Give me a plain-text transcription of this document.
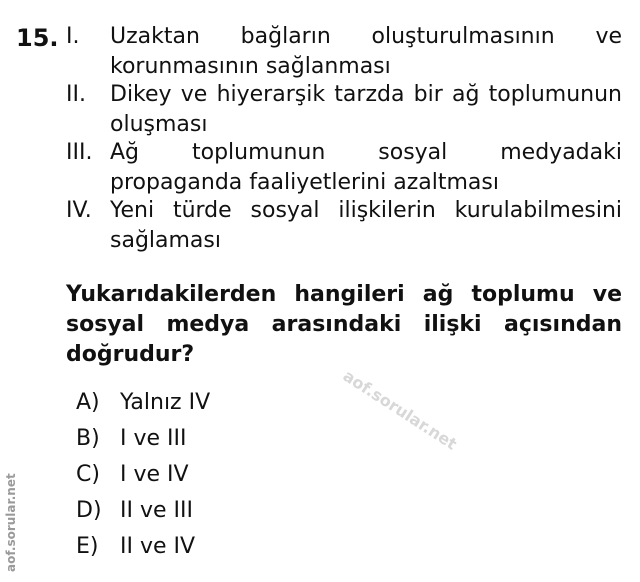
15. I. Uzaktan bağların oluşturulmasının ve korunmasının sağlanması
II. Dikey ve hiyerarşik tarzda bir ağ toplumunun oluşması
III. Ağ toplumunun sosyal medyadaki propaganda faaliyetlerini azaltması
IV. Yeni türde sosyal ilişkilerin kurulabilmesini sağlaması
Yukarıdakilerden hangileri ağ toplumu ve sosyal medya arasındaki ilişki açısından doğrudur?
aof.sorular.net
A) Yalnız IV
B) I ve III
C) I ve IV
D) II ve III
E) II ve IV
aof.sorular.net
